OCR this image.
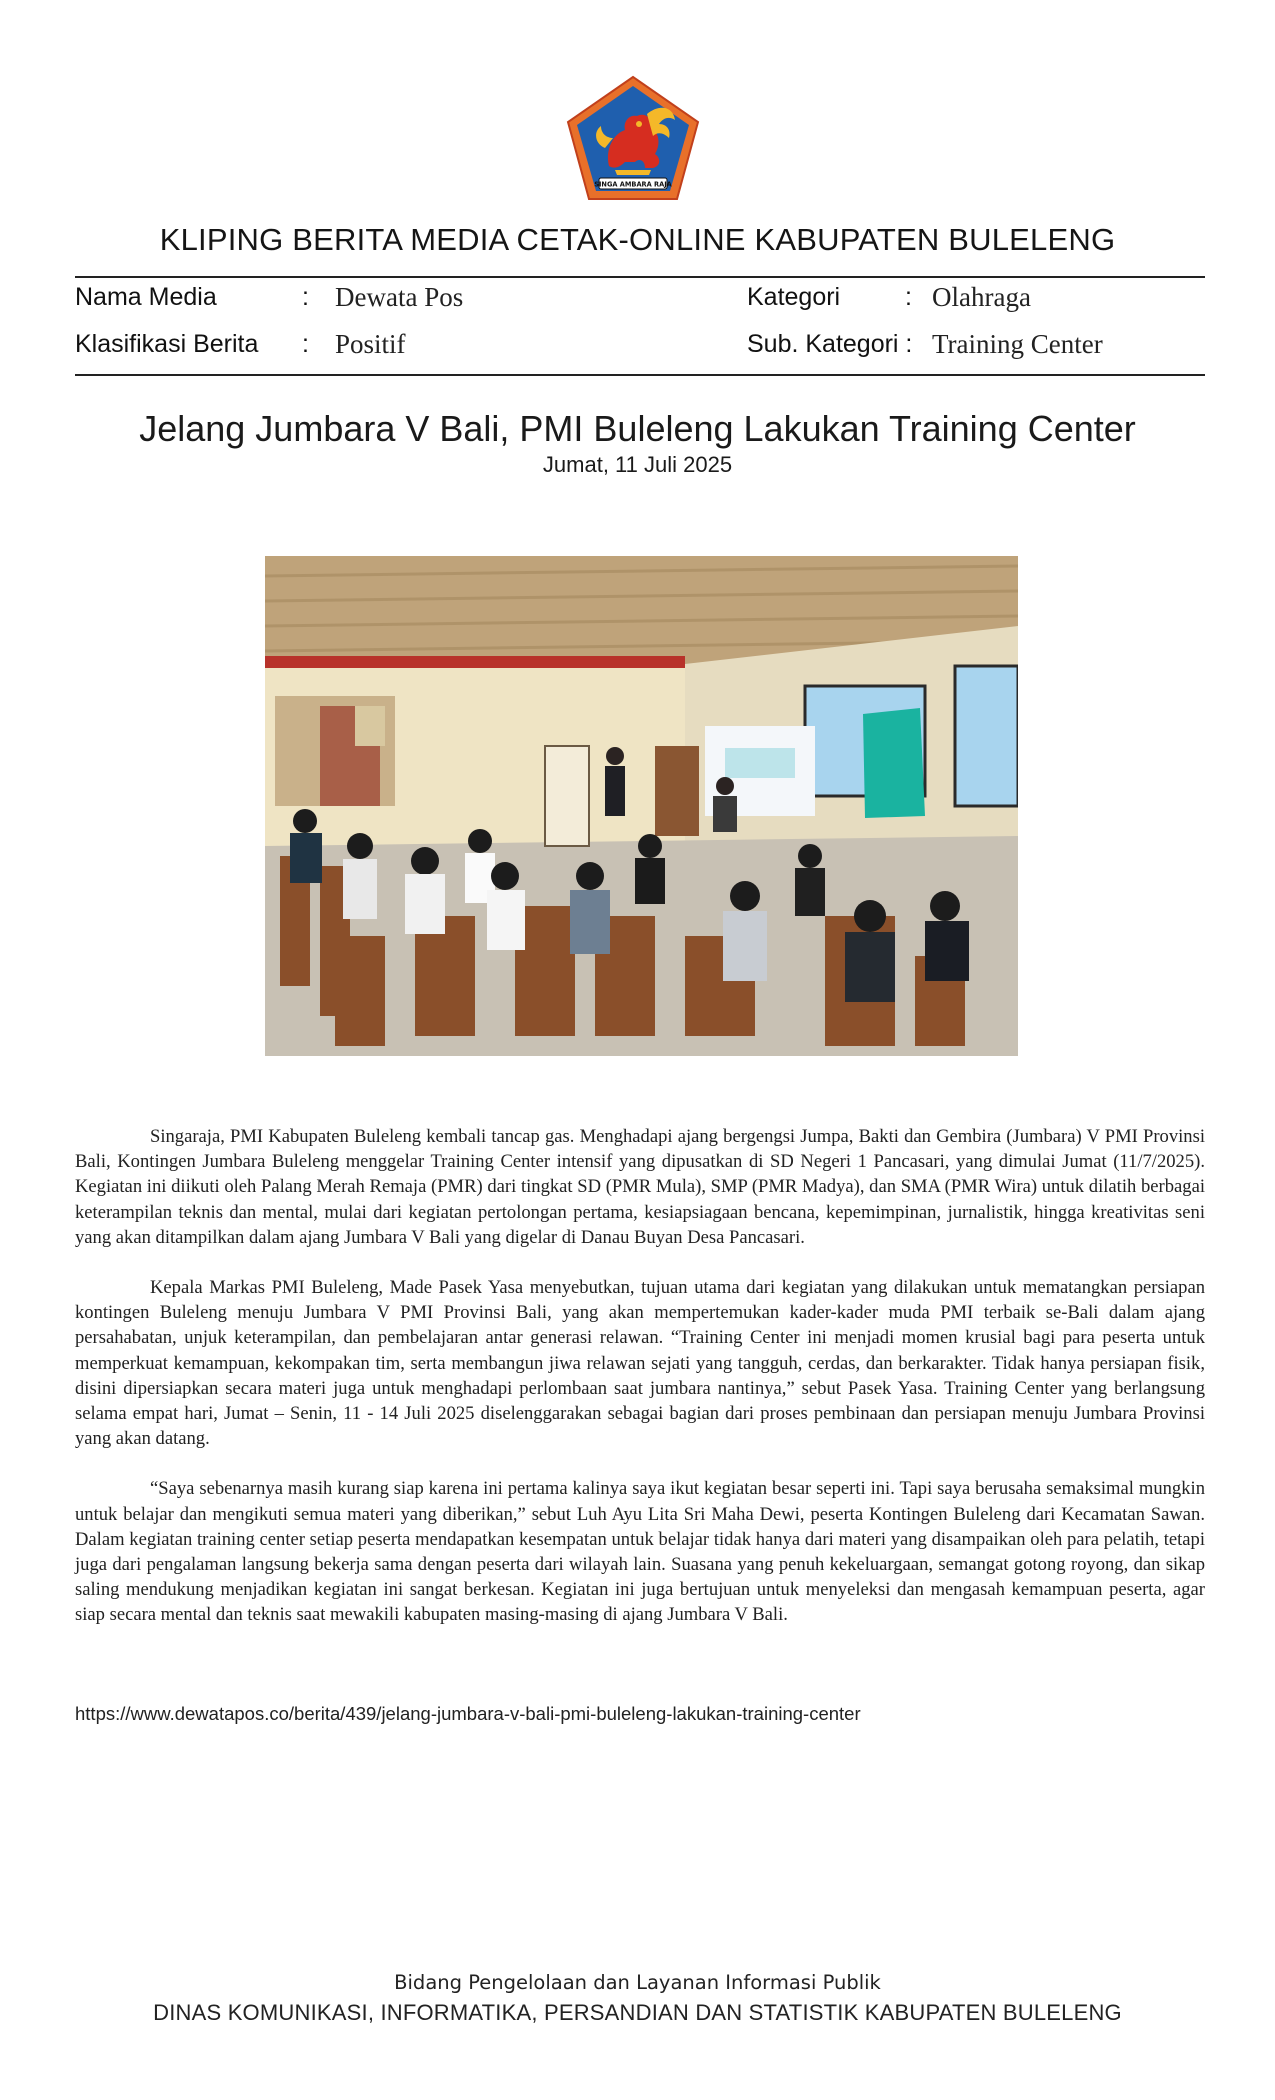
SINGA AMBARA RAJA
KLIPING BERITA MEDIA CETAK-ONLINE KABUPATEN BULELENG
Nama Media	: Dewata Pos	Kategori	: Olahraga
Klasifikasi Berita : Positif	Sub. Kategori : Training Center
Jelang Jumbara V Bali, PMI Buleleng Lakukan Training Center
Jumat, 11 Juli 2025

Singaraja, PMI Kabupaten Buleleng kembali tancap gas. Menghadapi ajang bergengsi Jumpa, Bakti dan Gembira (Jumbara) V PMI Provinsi Bali, Kontingen Jumbara Buleleng menggelar Training Center intensif yang dipusatkan di SD Negeri 1 Pancasari, yang dimulai Jumat (11/7/2025). Kegiatan ini diikuti oleh Palang Merah Remaja (PMR) dari tingkat SD (PMR Mula), SMP (PMR Madya), dan SMA (PMR Wira) untuk dilatih berbagai keterampilan teknis dan mental, mulai dari kegiatan pertolongan pertama, kesiapsiagaan bencana, kepemimpinan, jurnalistik, hingga kreativitas seni yang akan ditampilkan dalam ajang Jumbara V Bali yang digelar di Danau Buyan Desa Pancasari.

Kepala Markas PMI Buleleng, Made Pasek Yasa menyebutkan, tujuan utama dari kegiatan yang dilakukan untuk mematangkan persiapan kontingen Buleleng menuju Jumbara V PMI Provinsi Bali, yang akan mempertemukan kader-kader muda PMI terbaik se-Bali dalam ajang persahabatan, unjuk keterampilan, dan pembelajaran antar generasi relawan. “Training Center ini menjadi momen krusial bagi para peserta untuk memperkuat kemampuan, kekompakan tim, serta membangun jiwa relawan sejati yang tangguh, cerdas, dan berkarakter. Tidak hanya persiapan fisik, disini dipersiapkan secara materi juga untuk menghadapi perlombaan saat jumbara nantinya,” sebut Pasek Yasa. Training Center yang berlangsung selama empat hari, Jumat – Senin, 11 - 14 Juli 2025 diselenggarakan sebagai bagian dari proses pembinaan dan persiapan menuju Jumbara Provinsi yang akan datang.

“Saya sebenarnya masih kurang siap karena ini pertama kalinya saya ikut kegiatan besar seperti ini. Tapi saya berusaha semaksimal mungkin untuk belajar dan mengikuti semua materi yang diberikan,” sebut Luh Ayu Lita Sri Maha Dewi, peserta Kontingen Buleleng dari Kecamatan Sawan. Dalam kegiatan training center setiap peserta mendapatkan kesempatan untuk belajar tidak hanya dari materi yang disampaikan oleh para pelatih, tetapi juga dari pengalaman langsung bekerja sama dengan peserta dari wilayah lain. Suasana yang penuh kekeluargaan, semangat gotong royong, dan sikap saling mendukung menjadikan kegiatan ini sangat berkesan. Kegiatan ini juga bertujuan untuk menyeleksi dan mengasah kemampuan peserta, agar siap secara mental dan teknis saat mewakili kabupaten masing-masing di ajang Jumbara V Bali.

https://www.dewatapos.co/berita/439/jelang-jumbara-v-bali-pmi-buleleng-lakukan-training-center
Bidang Pengelolaan dan Layanan Informasi Publik
DINAS KOMUNIKASI, INFORMATIKA, PERSANDIAN DAN STATISTIK KABUPATEN BULELENG
